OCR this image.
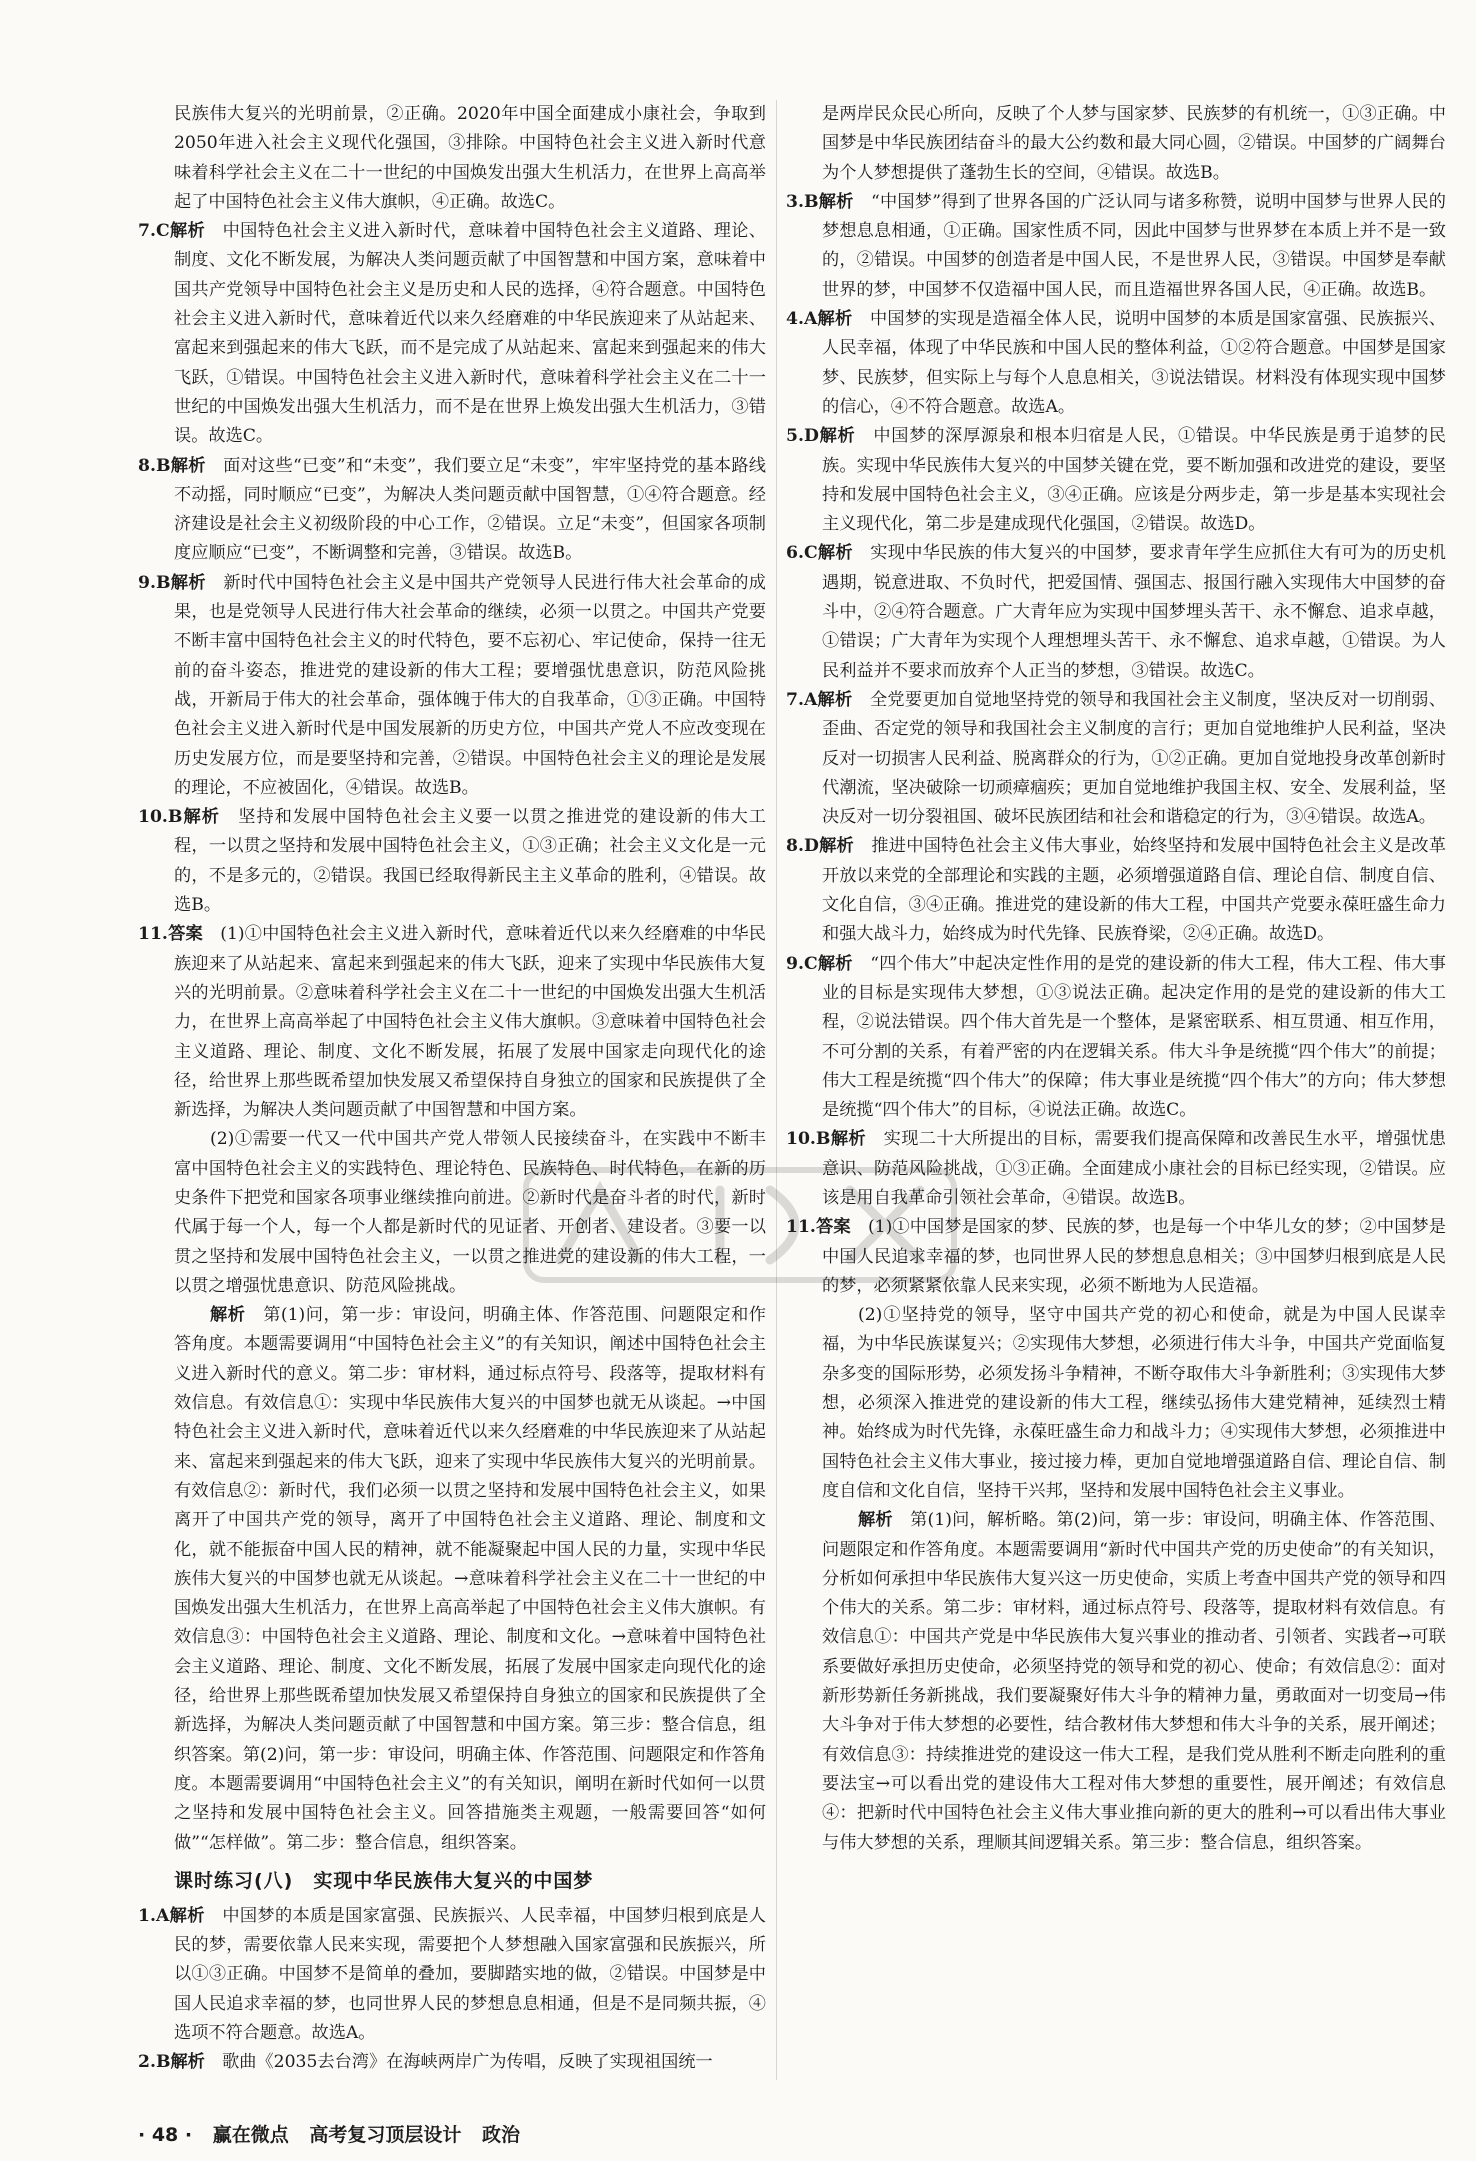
民族伟大复兴的光明前景，②正确。2020年中国全面建成小康社会，争取到2050年进入社会主义现代化强国，③排除。中国特色社会主义进入新时代意味着科学社会主义在二十一世纪的中国焕发出强大生机活力，在世界上高高举起了中国特色社会主义伟大旗帜，④正确。故选C。

7.C解析　 中国特色社会主义进入新时代，意味着中国特色社会主义道路、理论、制度、文化不断发展，为解决人类问题贡献了中国智慧和中国方案，意味着中国共产党领导中国特色社会主义是历史和人民的选择，④符合题意。中国特色社会主义进入新时代，意味着近代以来久经磨难的中华民族迎来了从站起来、富起来到强起来的伟大飞跃，而不是完成了从站起来、富起来到强起来的伟大飞跃，①错误。中国特色社会主义进入新时代，意味着科学社会主义在二十一世纪的中国焕发出强大生机活力，而不是在世界上焕发出强大生机活力，③错误。故选C。

8.B解析　 面对这些“已变”和“未变”，我们要立足“未变”，牢牢坚持党的基本路线不动摇，同时顺应“已变”，为解决人类问题贡献中国智慧，①④符合题意。经济建设是社会主义初级阶段的中心工作，②错误。立足“未变”，但国家各项制度应顺应“已变”，不断调整和完善，③错误。故选B。

9.B解析　 新时代中国特色社会主义是中国共产党领导人民进行伟大社会革命的成果，也是党领导人民进行伟大社会革命的继续，必须一以贯之。中国共产党要不断丰富中国特色社会主义的时代特色，要不忘初心、牢记使命，保持一往无前的奋斗姿态，推进党的建设新的伟大工程；要增强忧患意识，防范风险挑战，开新局于伟大的社会革命，强体魄于伟大的自我革命，①③正确。中国特色社会主义进入新时代是中国发展新的历史方位，中国共产党人不应改变现在历史发展方位，而是要坚持和完善，②错误。中国特色社会主义的理论是发展的理论，不应被固化，④错误。故选B。

10.B解析　 坚持和发展中国特色社会主义要一以贯之推进党的建设新的伟大工程，一以贯之坚持和发展中国特色社会主义，①③正确；社会主义文化是一元的，不是多元的，②错误。我国已经取得新民主主义革命的胜利，④错误。故选B。

11.答案　 (1)①中国特色社会主义进入新时代，意味着近代以来久经磨难的中华民族迎来了从站起来、富起来到强起来的伟大飞跃，迎来了实现中华民族伟大复兴的光明前景。②意味着科学社会主义在二十一世纪的中国焕发出强大生机活力，在世界上高高举起了中国特色社会主义伟大旗帜。③意味着中国特色社会主义道路、理论、制度、文化不断发展，拓展了发展中国家走向现代化的途径，给世界上那些既希望加快发展又希望保持自身独立的国家和民族提供了全新选择，为解决人类问题贡献了中国智慧和中国方案。

(2)①需要一代又一代中国共产党人带领人民接续奋斗，在实践中不断丰富中国特色社会主义的实践特色、理论特色、民族特色、时代特色，在新的历史条件下把党和国家各项事业继续推向前进。②新时代是奋斗者的时代，新时代属于每一个人，每一个人都是新时代的见证者、开创者、建设者。③要一以贯之坚持和发展中国特色社会主义，一以贯之推进党的建设新的伟大工程，一以贯之增强忧患意识、防范风险挑战。

解析　 第(1)问，第一步：审设问，明确主体、作答范围、问题限定和作答角度。本题需要调用“中国特色社会主义”的有关知识，阐述中国特色社会主义进入新时代的意义。第二步：审材料，通过标点符号、段落等，提取材料有效信息。有效信息①：实现中华民族伟大复兴的中国梦也就无从谈起。→中国特色社会主义进入新时代，意味着近代以来久经磨难的中华民族迎来了从站起来、富起来到强起来的伟大飞跃，迎来了实现中华民族伟大复兴的光明前景。有效信息②：新时代，我们必须一以贯之坚持和发展中国特色社会主义，如果离开了中国共产党的领导，离开了中国特色社会主义道路、理论、制度和文化，就不能振奋中国人民的精神，就不能凝聚起中国人民的力量，实现中华民族伟大复兴的中国梦也就无从谈起。→意味着科学社会主义在二十一世纪的中国焕发出强大生机活力，在世界上高高举起了中国特色社会主义伟大旗帜。有效信息③：中国特色社会主义道路、理论、制度和文化。→意味着中国特色社会主义道路、理论、制度、文化不断发展，拓展了发展中国家走向现代化的途径，给世界上那些既希望加快发展又希望保持自身独立的国家和民族提供了全新选择，为解决人类问题贡献了中国智慧和中国方案。第三步：整合信息，组织答案。第(2)问，第一步：审设问，明确主体、作答范围、问题限定和作答角度。本题需要调用“中国特色社会主义”的有关知识，阐明在新时代如何一以贯之坚持和发展中国特色社会主义。回答措施类主观题，一般需要回答“如何做”“怎样做”。第二步：整合信息，组织答案。

课时练习(八)　实现中华民族伟大复兴的中国梦

1.A解析　 中国梦的本质是国家富强、民族振兴、人民幸福，中国梦归根到底是人民的梦，需要依靠人民来实现，需要把个人梦想融入国家富强和民族振兴，所以①③正确。中国梦不是简单的叠加，要脚踏实地的做，②错误。中国梦是中国人民追求幸福的梦，也同世界人民的梦想息息相通，但是不是同频共振，④选项不符合题意。故选A。

2.B解析　 歌曲《2035去台湾》在海峡两岸广为传唱，反映了实现祖国统一

是两岸民众民心所向，反映了个人梦与国家梦、民族梦的有机统一，①③正确。中国梦是中华民族团结奋斗的最大公约数和最大同心圆，②错误。中国梦的广阔舞台为个人梦想提供了蓬勃生长的空间，④错误。故选B。

3.B解析　 “中国梦”得到了世界各国的广泛认同与诸多称赞，说明中国梦与世界人民的梦想息息相通，①正确。国家性质不同，因此中国梦与世界梦在本质上并不是一致的，②错误。中国梦的创造者是中国人民，不是世界人民，③错误。中国梦是奉献世界的梦，中国梦不仅造福中国人民，而且造福世界各国人民，④正确。故选B。

4.A解析　 中国梦的实现是造福全体人民，说明中国梦的本质是国家富强、民族振兴、人民幸福，体现了中华民族和中国人民的整体利益，①②符合题意。中国梦是国家梦、民族梦，但实际上与每个人息息相关，③说法错误。材料没有体现实现中国梦的信心，④不符合题意。故选A。

5.D解析　 中国梦的深厚源泉和根本归宿是人民，①错误。中华民族是勇于追梦的民族。实现中华民族伟大复兴的中国梦关键在党，要不断加强和改进党的建设，要坚持和发展中国特色社会主义，③④正确。应该是分两步走，第一步是基本实现社会主义现代化，第二步是建成现代化强国，②错误。故选D。

6.C解析　 实现中华民族的伟大复兴的中国梦，要求青年学生应抓住大有可为的历史机遇期，锐意进取、不负时代，把爱国情、强国志、报国行融入实现伟大中国梦的奋斗中，②④符合题意。广大青年应为实现中国梦埋头苦干、永不懈怠、追求卓越，①错误；广大青年为实现个人理想埋头苦干、永不懈怠、追求卓越，①错误。为人民利益并不要求而放弃个人正当的梦想，③错误。故选C。

7.A解析　 全党要更加自觉地坚持党的领导和我国社会主义制度，坚决反对一切削弱、歪曲、否定党的领导和我国社会主义制度的言行；更加自觉地维护人民利益，坚决反对一切损害人民利益、脱离群众的行为，①②正确。更加自觉地投身改革创新时代潮流，坚决破除一切顽瘴痼疾；更加自觉地维护我国主权、安全、发展利益，坚决反对一切分裂祖国、破坏民族团结和社会和谐稳定的行为，③④错误。故选A。

8.D解析　 推进中国特色社会主义伟大事业，始终坚持和发展中国特色社会主义是改革开放以来党的全部理论和实践的主题，必须增强道路自信、理论自信、制度自信、文化自信，③④正确。推进党的建设新的伟大工程，中国共产党要永葆旺盛生命力和强大战斗力，始终成为时代先锋、民族脊梁，②④正确。故选D。

9.C解析　 “四个伟大”中起决定性作用的是党的建设新的伟大工程，伟大工程、伟大事业的目标是实现伟大梦想，①③说法正确。起决定作用的是党的建设新的伟大工程，②说法错误。四个伟大首先是一个整体，是紧密联系、相互贯通、相互作用，不可分割的关系，有着严密的内在逻辑关系。伟大斗争是统揽“四个伟大”的前提；伟大工程是统揽“四个伟大”的保障；伟大事业是统揽“四个伟大”的方向；伟大梦想是统揽“四个伟大”的目标，④说法正确。故选C。

10.B解析　 实现二十大所提出的目标，需要我们提高保障和改善民生水平，增强忧患意识、防范风险挑战，①③正确。全面建成小康社会的目标已经实现，②错误。应该是用自我革命引领社会革命，④错误。故选B。

11.答案　 (1)①中国梦是国家的梦、民族的梦，也是每一个中华儿女的梦；②中国梦是中国人民追求幸福的梦，也同世界人民的梦想息息相关；③中国梦归根到底是人民的梦，必须紧紧依靠人民来实现，必须不断地为人民造福。

(2)①坚持党的领导，坚守中国共产党的初心和使命，就是为中国人民谋幸福，为中华民族谋复兴；②实现伟大梦想，必须进行伟大斗争，中国共产党面临复杂多变的国际形势，必须发扬斗争精神，不断夺取伟大斗争新胜利；③实现伟大梦想，必须深入推进党的建设新的伟大工程，继续弘扬伟大建党精神，延续烈士精神。始终成为时代先锋，永葆旺盛生命力和战斗力；④实现伟大梦想，必须推进中国特色社会主义伟大事业，接过接力棒，更加自觉地增强道路自信、理论自信、制度自信和文化自信，坚持干兴邦，坚持和发展中国特色社会主义事业。

解析　 第(1)问，解析略。第(2)问，第一步：审设问，明确主体、作答范围、问题限定和作答角度。本题需要调用“新时代中国共产党的历史使命”的有关知识，分析如何承担中华民族伟大复兴这一历史使命，实质上考查中国共产党的领导和四个伟大的关系。第二步：审材料，通过标点符号、段落等，提取材料有效信息。有效信息①：中国共产党是中华民族伟大复兴事业的推动者、引领者、实践者→可联系要做好承担历史使命，必须坚持党的领导和党的初心、使命；有效信息②：面对新形势新任务新挑战，我们要凝聚好伟大斗争的精神力量，勇敢面对一切变局→伟大斗争对于伟大梦想的必要性，结合教材伟大梦想和伟大斗争的关系，展开阐述；有效信息③：持续推进党的建设这一伟大工程，是我们党从胜利不断走向胜利的重要法宝→可以看出党的建设伟大工程对伟大梦想的重要性，展开阐述；有效信息④：把新时代中国特色社会主义伟大事业推向新的更大的胜利→可以看出伟大事业与伟大梦想的关系，理顺其间逻辑关系。第三步：整合信息，组织答案。

· 48 · 赢在微点 高考复习顶层设计 政治
